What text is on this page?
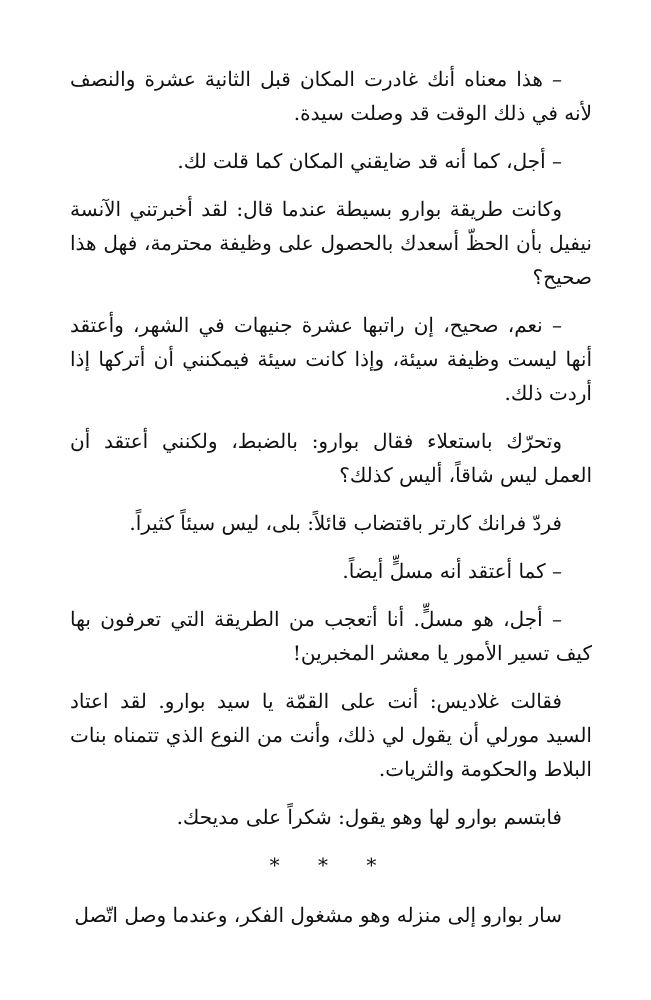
– هذا معناه أنك غادرت المكان قبل الثانية عشرة والنصف لأنه في ذلك الوقت قد وصلت سيدة.

– أجل، كما أنه قد ضايقني المكان كما قلت لك.

وكانت طريقة بوارو بسيطة عندما قال: لقد أخبرتني الآنسة نيفيل بأن الحظّ أسعدك بالحصول على وظيفة محترمة، فهل هذا صحيح؟

– نعم، صحيح، إن راتبها عشرة جنيهات في الشهر، وأعتقد أنها ليست وظيفة سيئة، وإذا كانت سيئة فيمكنني أن أتركها إذا أردت ذلك.

وتحرّك باستعلاء فقال بوارو: بالضبط، ولكنني أعتقد أن العمل ليس شاقاً، أليس كذلك؟

فردّ فرانك كارتر باقتضاب قائلاً: بلى، ليس سيئاً كثيراً.

– كما أعتقد أنه مسلٍّ أيضاً.

– أجل، هو مسلٍّ. أنا أتعجب من الطريقة التي تعرفون بها كيف تسير الأمور يا معشر المخبرين!

فقالت غلاديس: أنت على القمّة يا سيد بوارو. لقد اعتاد السيد مورلي أن يقول لي ذلك، وأنت من النوع الذي تتمناه بنات البلاط والحكومة والثريات.

فابتسم بوارو لها وهو يقول: شكراً على مديحك.

* * *

سار بوارو إلى منزله وهو مشغول الفكر، وعندما وصل اتّصل
